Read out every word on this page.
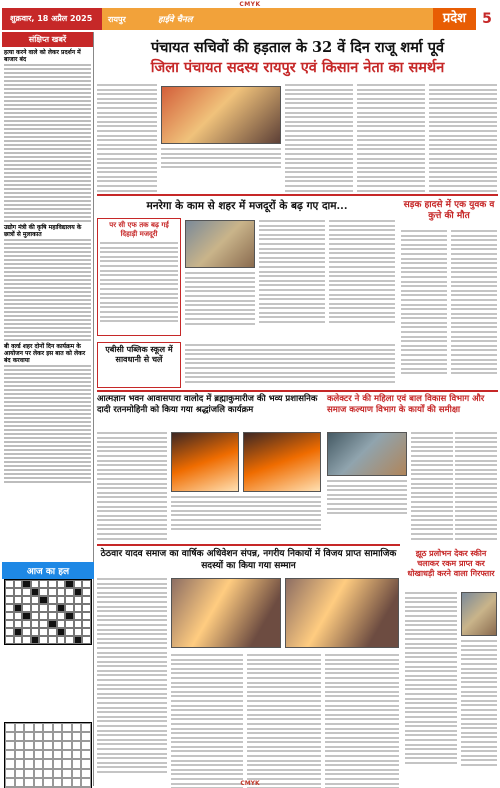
CMYK
शुक्रवार, 18 अप्रैल 2025	रायपुर	हाईवे चैनल	प्रदेश	5
संक्षिप्त खबरें
हत्या करने वाले को लेकर प्रदर्शन में बाजार बंद
उद्योग मंत्री की कृषि महाविद्यालय के छात्रों से मुलाकात
बी वर्ल्ड शहर दोनों दिन कार्यक्रम के आयोजन पर लेकर इस बात को लेकर बंद करवाया
आज का हल
पंचायत सचिवों की हड़ताल के 32 वें दिन राजू शर्मा पूर्व
जिला पंचायत सदस्य रायपुर एवं किसान नेता का समर्थन
मनरेगा के काम से शहर में मजदूरों के बढ़ गए दाम...
पर सी एफ तक बढ़ गई दिहाड़ी मजदूरी
एबीसी पब्लिक स्कूल में सावधानी से चलें
सड़क हादसे में एक युवक व कुत्ते की मौत
आत्मज्ञान भवन आवासपारा वालोद में ब्रह्माकुमारीज की भव्य प्रशासनिक दादी रतनमोहिनी को किया गया श्रद्धांजलि कार्यक्रम
कलेक्टर ने की महिला एवं बाल विकास विभाग और समाज कल्याण विभाग के कार्यों की समीक्षा
ठेठवार यादव समाज का वार्षिक अधिवेशन संपन्न, नगरीय निकायों में विजय प्राप्त सामाजिक सदस्यों का किया गया सम्मान
झूठ प्रलोभन देकर स्कीन चलाकर रकम प्राप्त कर धोखाधड़ी करने वाला गिरफ्तार
CMYK
